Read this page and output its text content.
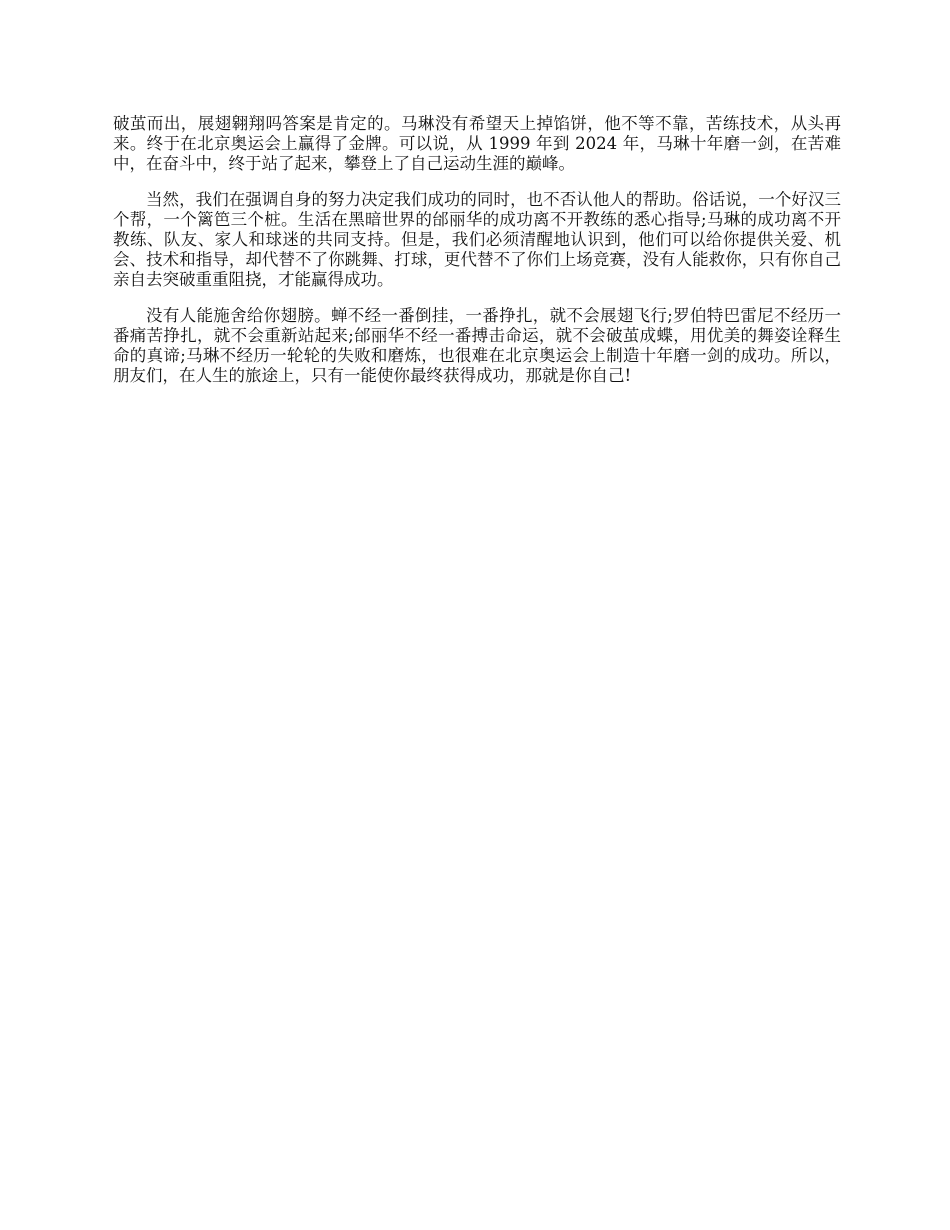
破茧而出，展翅翱翔吗答案是肯定的。马琳没有希望天上掉馅饼，他不等不靠，苦练技术，从头再来。终于在北京奥运会上赢得了金牌。可以说，从 1999 年到 2024 年，马琳十年磨一剑，在苦难中，在奋斗中，终于站了起来，攀登上了自己运动生涯的巅峰。

当然，我们在强调自身的努力决定我们成功的同时，也不否认他人的帮助。俗话说，一个好汉三个帮，一个篱笆三个桩。生活在黑暗世界的邰丽华的成功离不开教练的悉心指导;马琳的成功离不开教练、队友、家人和球迷的共同支持。但是，我们必须清醒地认识到，他们可以给你提供关爱、机会、技术和指导，却代替不了你跳舞、打球，更代替不了你们上场竞赛，没有人能救你，只有你自己亲自去突破重重阻挠，才能赢得成功。

没有人能施舍给你翅膀。蝉不经一番倒挂，一番挣扎，就不会展翅飞行;罗伯特巴雷尼不经历一番痛苦挣扎，就不会重新站起来;邰丽华不经一番搏击命运，就不会破茧成蝶，用优美的舞姿诠释生命的真谛;马琳不经历一轮轮的失败和磨炼，也很难在北京奥运会上制造十年磨一剑的成功。所以，朋友们，在人生的旅途上，只有一能使你最终获得成功，那就是你自己!
